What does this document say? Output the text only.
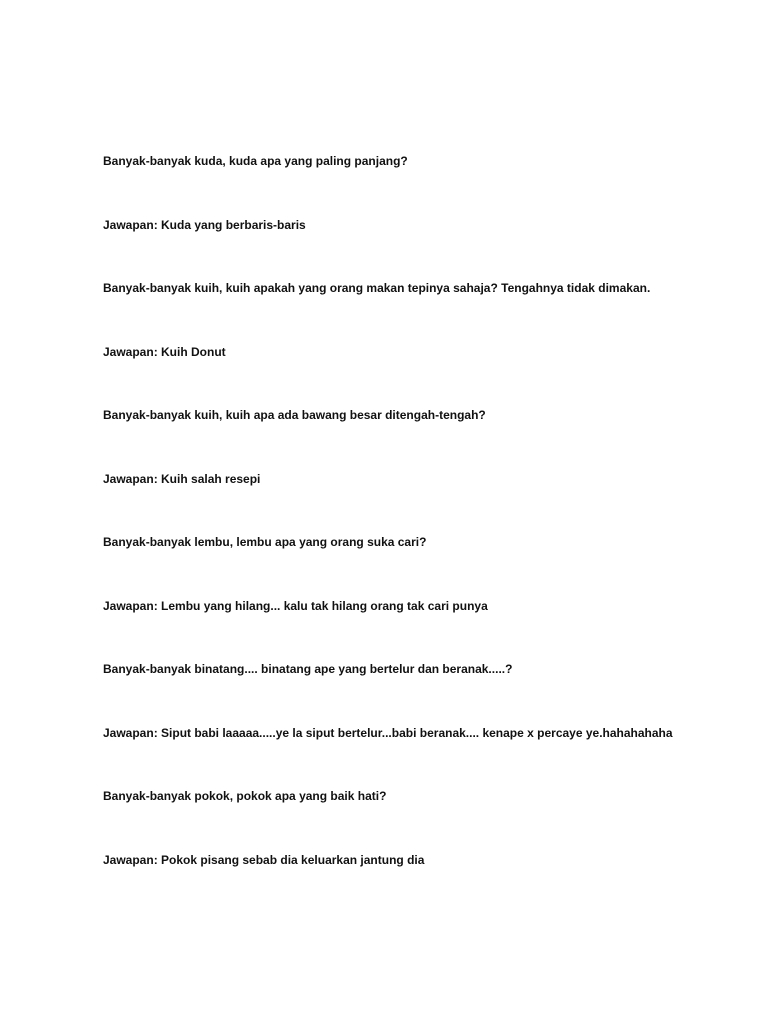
Banyak-banyak kuda, kuda apa yang paling panjang?
Jawapan: Kuda yang berbaris-baris
Banyak-banyak kuih, kuih apakah yang orang makan tepinya sahaja? Tengahnya tidak dimakan.
Jawapan: Kuih Donut
Banyak-banyak kuih, kuih apa ada bawang besar ditengah-tengah?
Jawapan: Kuih salah resepi
Banyak-banyak lembu, lembu apa yang orang suka cari?
Jawapan: Lembu yang hilang... kalu tak hilang orang tak cari punya
Banyak-banyak binatang.... binatang ape yang bertelur dan beranak.....?
Jawapan: Siput babi laaaaa.....ye la siput bertelur...babi beranak.... kenape x percaye ye.hahahahaha
Banyak-banyak pokok, pokok apa yang baik hati?
Jawapan: Pokok pisang sebab dia keluarkan jantung dia
